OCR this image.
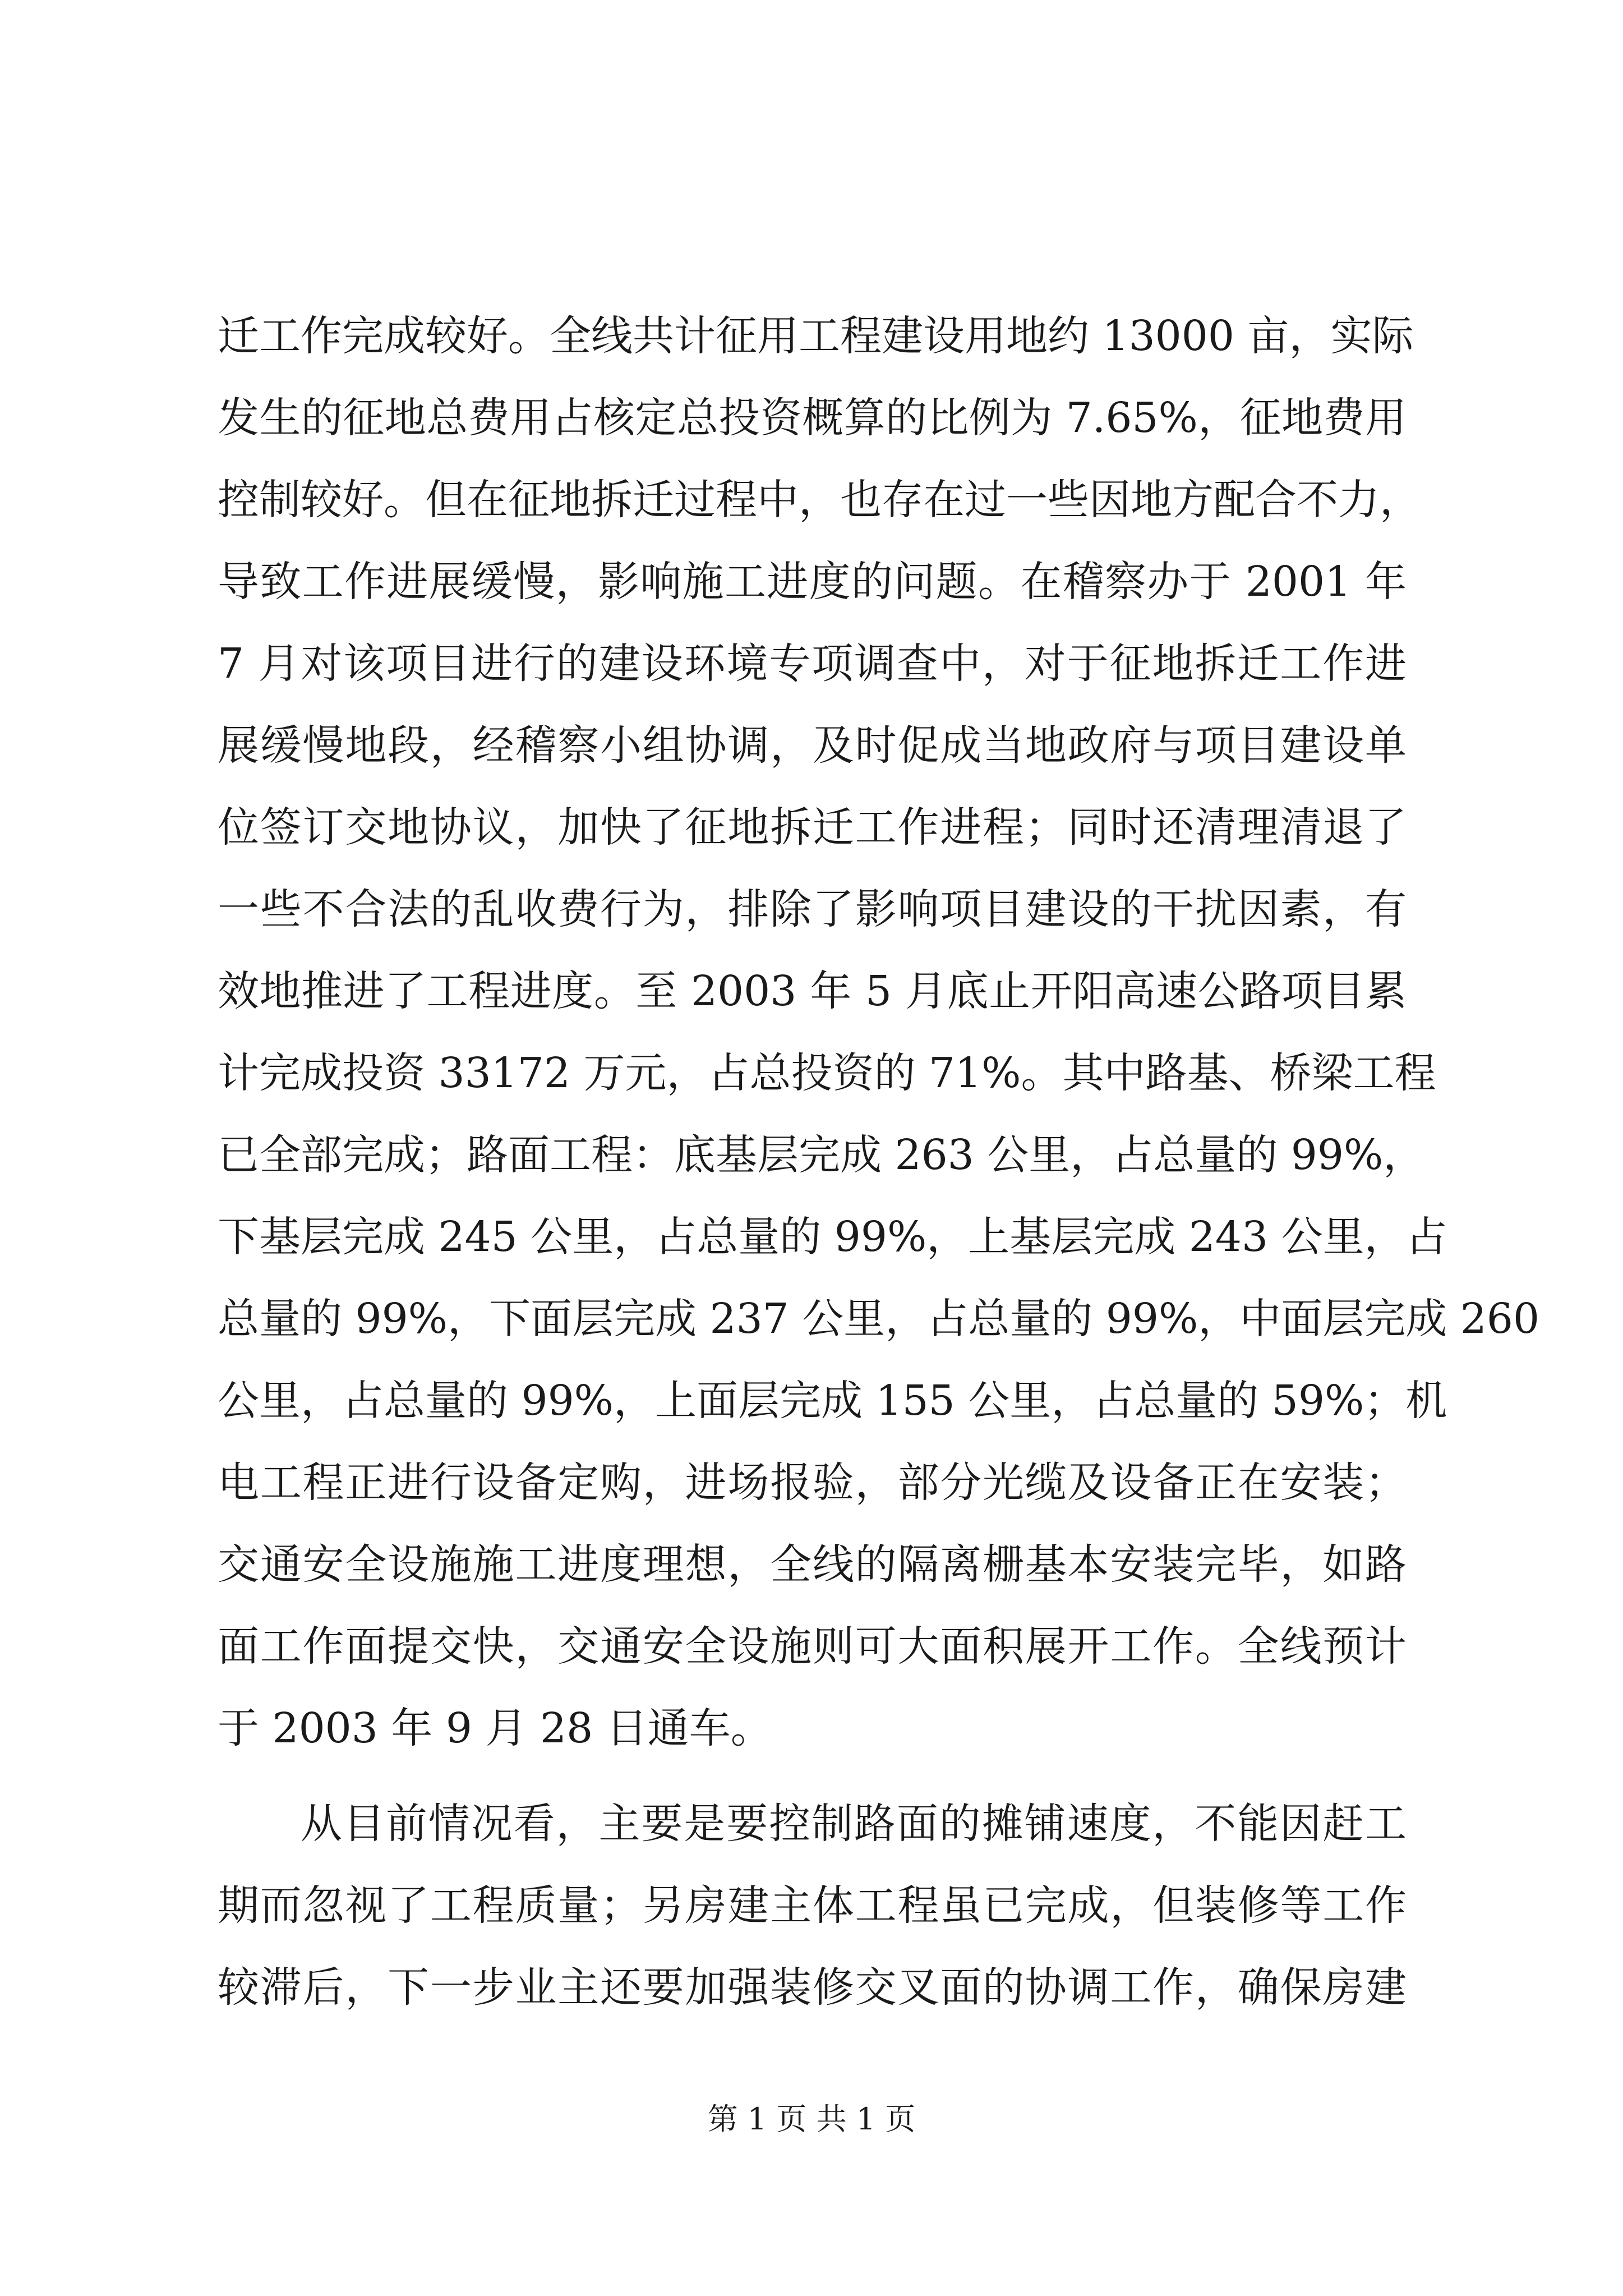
迁工作完成较好。全线共计征用工程建设用地约 13000 亩，实际
发生的征地总费用占核定总投资概算的比例为 7.65%，征地费用
控制较好。但在征地拆迁过程中，也存在过一些因地方配合不力，
导致工作进展缓慢，影响施工进度的问题。在稽察办于 2001 年
7 月对该项目进行的建设环境专项调查中，对于征地拆迁工作进
展缓慢地段，经稽察小组协调，及时促成当地政府与项目建设单
位签订交地协议，加快了征地拆迁工作进程；同时还清理清退了
一些不合法的乱收费行为，排除了影响项目建设的干扰因素，有
效地推进了工程进度。至 2003 年 5 月底止开阳高速公路项目累
计完成投资 33172 万元，占总投资的 71%。其中路基、桥梁工程
已全部完成；路面工程：底基层完成 263 公里，占总量的 99%，
下基层完成 245 公里，占总量的 99%，上基层完成 243 公里，占
总量的 99%，下面层完成 237 公里，占总量的 99%，中面层完成 260
公里，占总量的 99%，上面层完成 155 公里，占总量的 59%；机
电工程正进行设备定购，进场报验，部分光缆及设备正在安装；
交通安全设施施工进度理想，全线的隔离栅基本安装完毕，如路
面工作面提交快，交通安全设施则可大面积展开工作。全线预计
于 2003 年 9 月 28 日通车。
从目前情况看，主要是要控制路面的摊铺速度，不能因赶工
期而忽视了工程质量；另房建主体工程虽已完成，但装修等工作
较滞后，下一步业主还要加强装修交叉面的协调工作，确保房建
第 1 页 共 1 页
